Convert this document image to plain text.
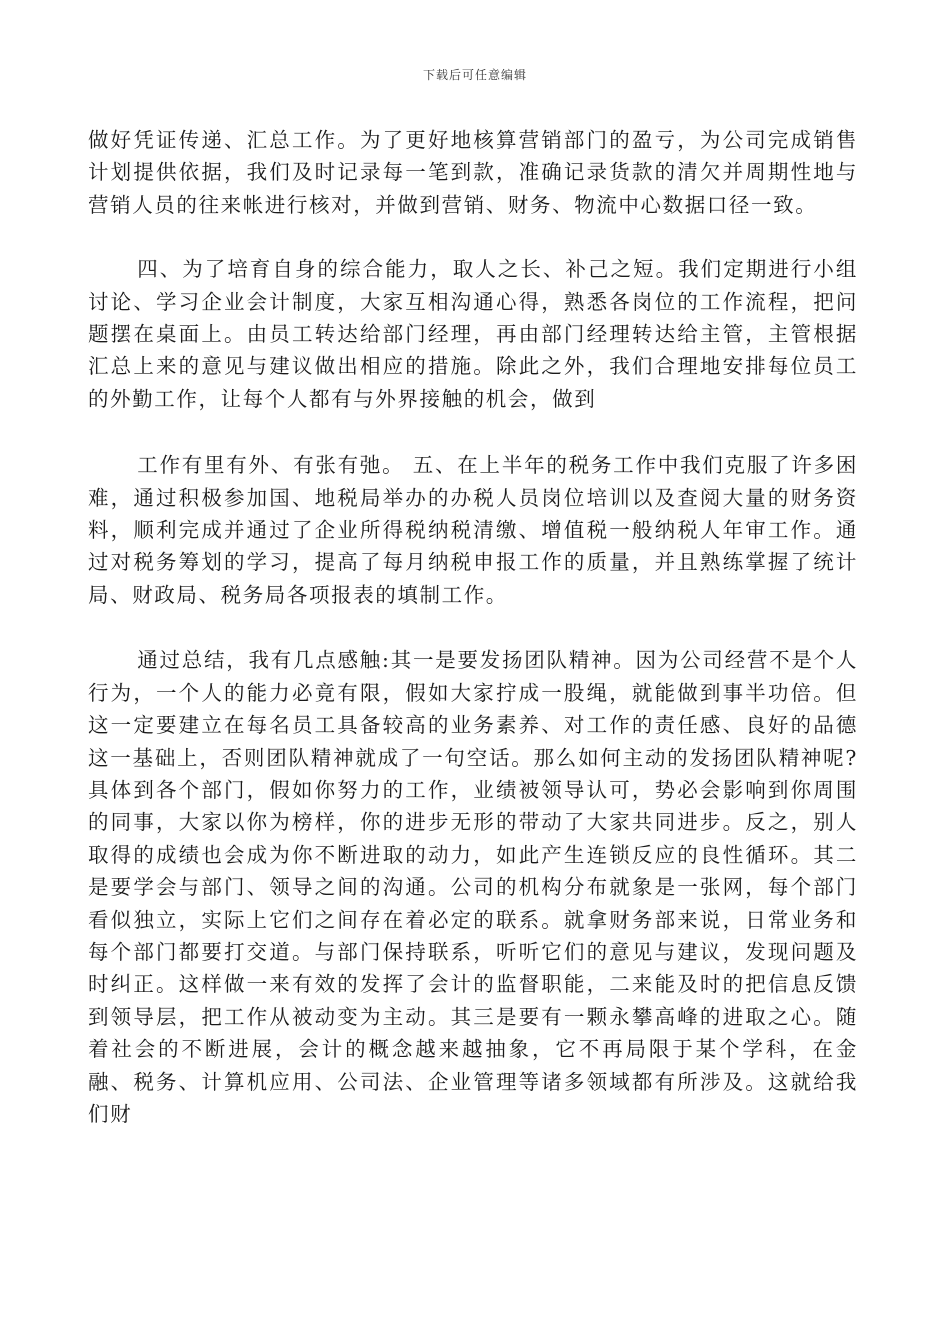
下载后可任意编辑

做好凭证传递、汇总工作。为了更好地核算营销部门的盈亏，为公司完成销售计划提供依据，我们及时记录每一笔到款，准确记录货款的清欠并周期性地与营销人员的往来帐进行核对，并做到营销、财务、物流中心数据口径一致。

四、为了培育自身的综合能力，取人之长、补己之短。我们定期进行小组讨论、学习企业会计制度，大家互相沟通心得，熟悉各岗位的工作流程，把问题摆在桌面上。由员工转达给部门经理，再由部门经理转达给主管，主管根据汇总上来的意见与建议做出相应的措施。除此之外，我们合理地安排每位员工的外勤工作，让每个人都有与外界接触的机会，做到

工作有里有外、有张有弛。 五、在上半年的税务工作中我们克服了许多困难，通过积极参加国、地税局举办的办税人员岗位培训以及查阅大量的财务资料，顺利完成并通过了企业所得税纳税清缴、增值税一般纳税人年审工作。通过对税务筹划的学习，提高了每月纳税申报工作的质量，并且熟练掌握了统计局、财政局、税务局各项报表的填制工作。

通过总结，我有几点感触:其一是要发扬团队精神。因为公司经营不是个人行为，一个人的能力必竟有限，假如大家拧成一股绳，就能做到事半功倍。但这一定要建立在每名员工具备较高的业务素养、对工作的责任感、良好的品德这一基础上，否则团队精神就成了一句空话。那么如何主动的发扬团队精神呢?具体到各个部门，假如你努力的工作，业绩被领导认可，势必会影响到你周围的同事，大家以你为榜样，你的进步无形的带动了大家共同进步。反之，别人取得的成绩也会成为你不断进取的动力，如此产生连锁反应的良性循环。其二是要学会与部门、领导之间的沟通。公司的机构分布就象是一张网，每个部门看似独立，实际上它们之间存在着必定的联系。就拿财务部来说，日常业务和每个部门都要打交道。与部门保持联系，听听它们的意见与建议，发现问题及时纠正。这样做一来有效的发挥了会计的监督职能，二来能及时的把信息反馈到领导层，把工作从被动变为主动。其三是要有一颗永攀高峰的进取之心。随着社会的不断进展，会计的概念越来越抽象，它不再局限于某个学科，在金融、税务、计算机应用、公司法、企业管理等诸多领域都有所涉及。这就给我们财
